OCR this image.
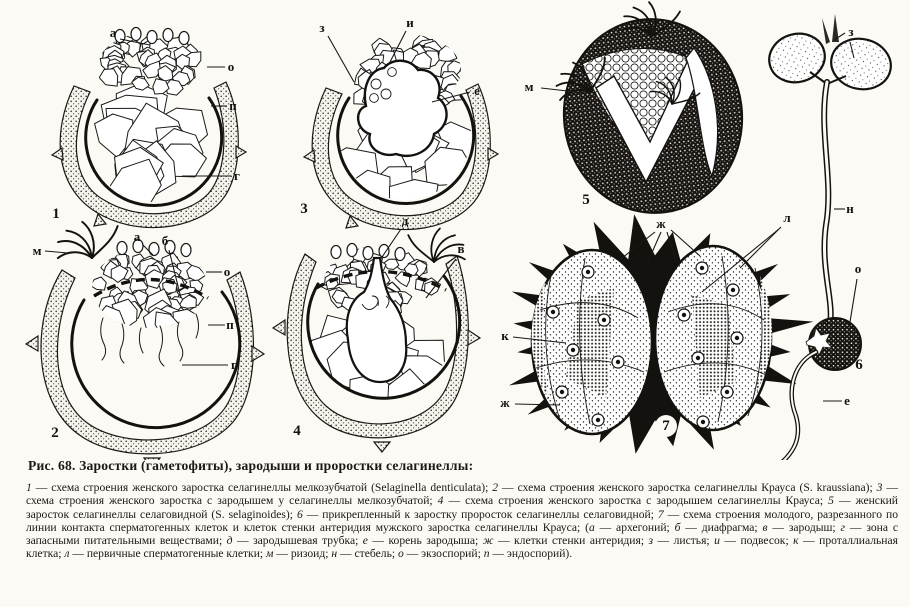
а
о
п
г
1
м
а б
о
п
г
2
з	и
е
3
д
в
4
м
5
ж	л
к
ж
7
з
н
о
е
6
Рис. 68. Заростки (гаметофиты), зародыши и проростки селагинеллы:

1 — схема строения женского заростка селагинеллы мелкозубчатой (Selaginella denticulata); 2 — схема строения женского заростка селагинеллы Крауса (S. kraussiana); 3 — схема строения женского заростка с зародышем у селагинеллы мелкозубчатой; 4 — схема строения женского заростка с зародышем селагинеллы Крауса; 5 — женский заросток селагинеллы селаговидной (S. selaginoides); 6 — прикрепленный к заростку проросток селагинеллы селаговидной; 7 — схема строения молодого, разрезанного по линии контакта сперматогенных клеток и клеток стенки антеридия мужского заростка селагинеллы Крауса; (а — архегоний; б — диафрагма; в — зародыш; г — зона с запасными питательными веществами; д — зародышевая трубка; е — корень зародыша; ж — клетки стенки антеридия; з — листья; и — подвесок; к — проталлиальная клетка; л — первичные сперматогенные клетки; м — ризоид; н — стебель; о — экзоспорий; п — эндоспорий).
